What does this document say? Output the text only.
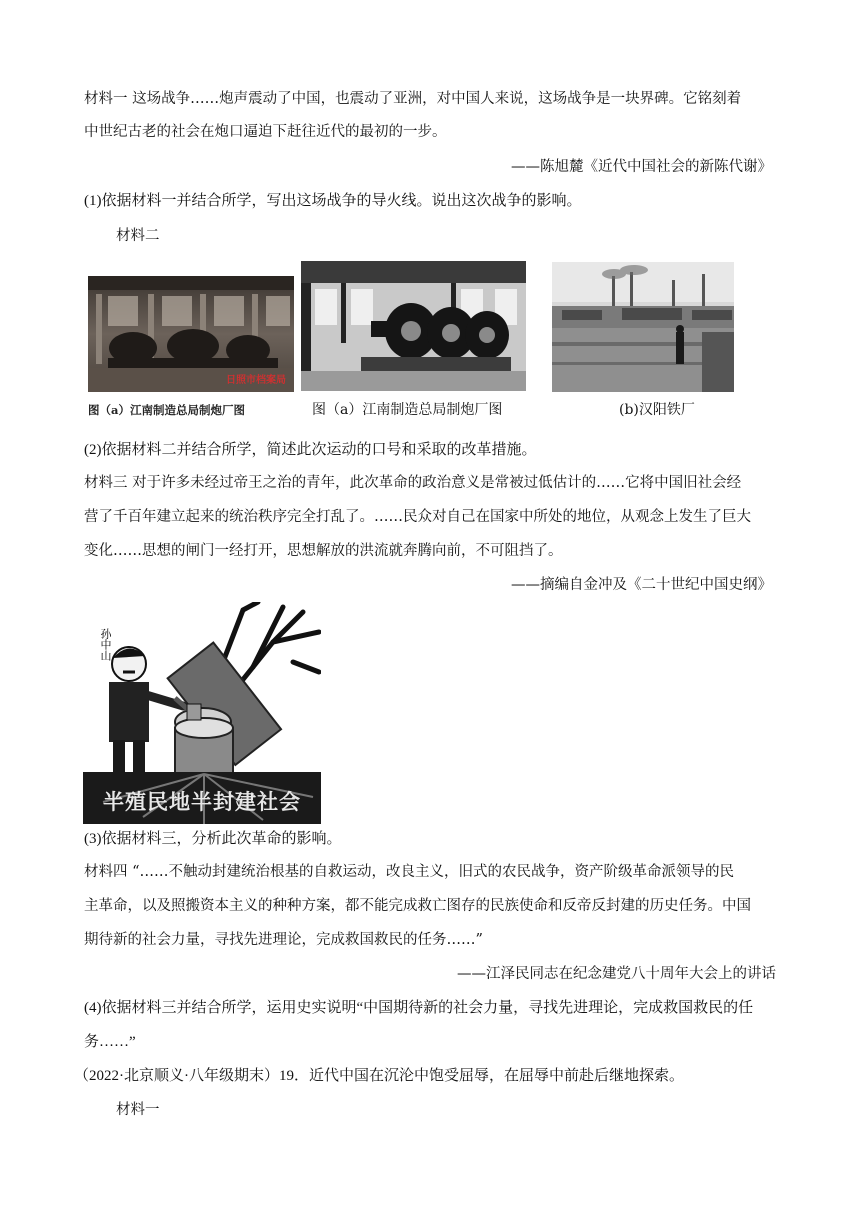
材料一 这场战争……炮声震动了中国，也震动了亚洲，对中国人来说，这场战争是一块界碑。它铭刻着
中世纪古老的社会在炮口逼迫下赶往近代的最初的一步。
——陈旭麓《近代中国社会的新陈代谢》
(1)依据材料一并结合所学，写出这场战争的导火线。说出这次战争的影响。
材料二
日照市档案局
图（a）江南制造总局制炮厂图	图（a）江南制造总局制炮厂图	(b)汉阳铁厂
(2)依据材料二并结合所学，简述此次运动的口号和采取的改革措施。
材料三 对于许多未经过帝王之治的青年，此次革命的政治意义是常被过低估计的……它将中国旧社会经
营了千百年建立起来的统治秩序完全打乱了。……民众对自己在国家中所处的地位，从观念上发生了巨大
变化……思想的闸门一经打开，思想解放的洪流就奔腾向前，不可阻挡了。
——摘编自金冲及《二十世纪中国史纲》
孙中山
半殖民地半封建社会
(3)依据材料三，分析此次革命的影响。
材料四 “……不触动封建统治根基的自救运动，改良主义，旧式的农民战争，资产阶级革命派领导的民
主革命，以及照搬资本主义的种种方案，都不能完成救亡图存的民族使命和反帝反封建的历史任务。中国
期待新的社会力量，寻找先进理论，完成救国救民的任务……”
——江泽民同志在纪念建党八十周年大会上的讲话
(4)依据材料三并结合所学，运用史实说明“中国期待新的社会力量，寻找先进理论，完成救国救民的任
务……”
（2022·北京顺义·八年级期末）19．近代中国在沉沦中饱受屈辱，在屈辱中前赴后继地探索。
材料一
